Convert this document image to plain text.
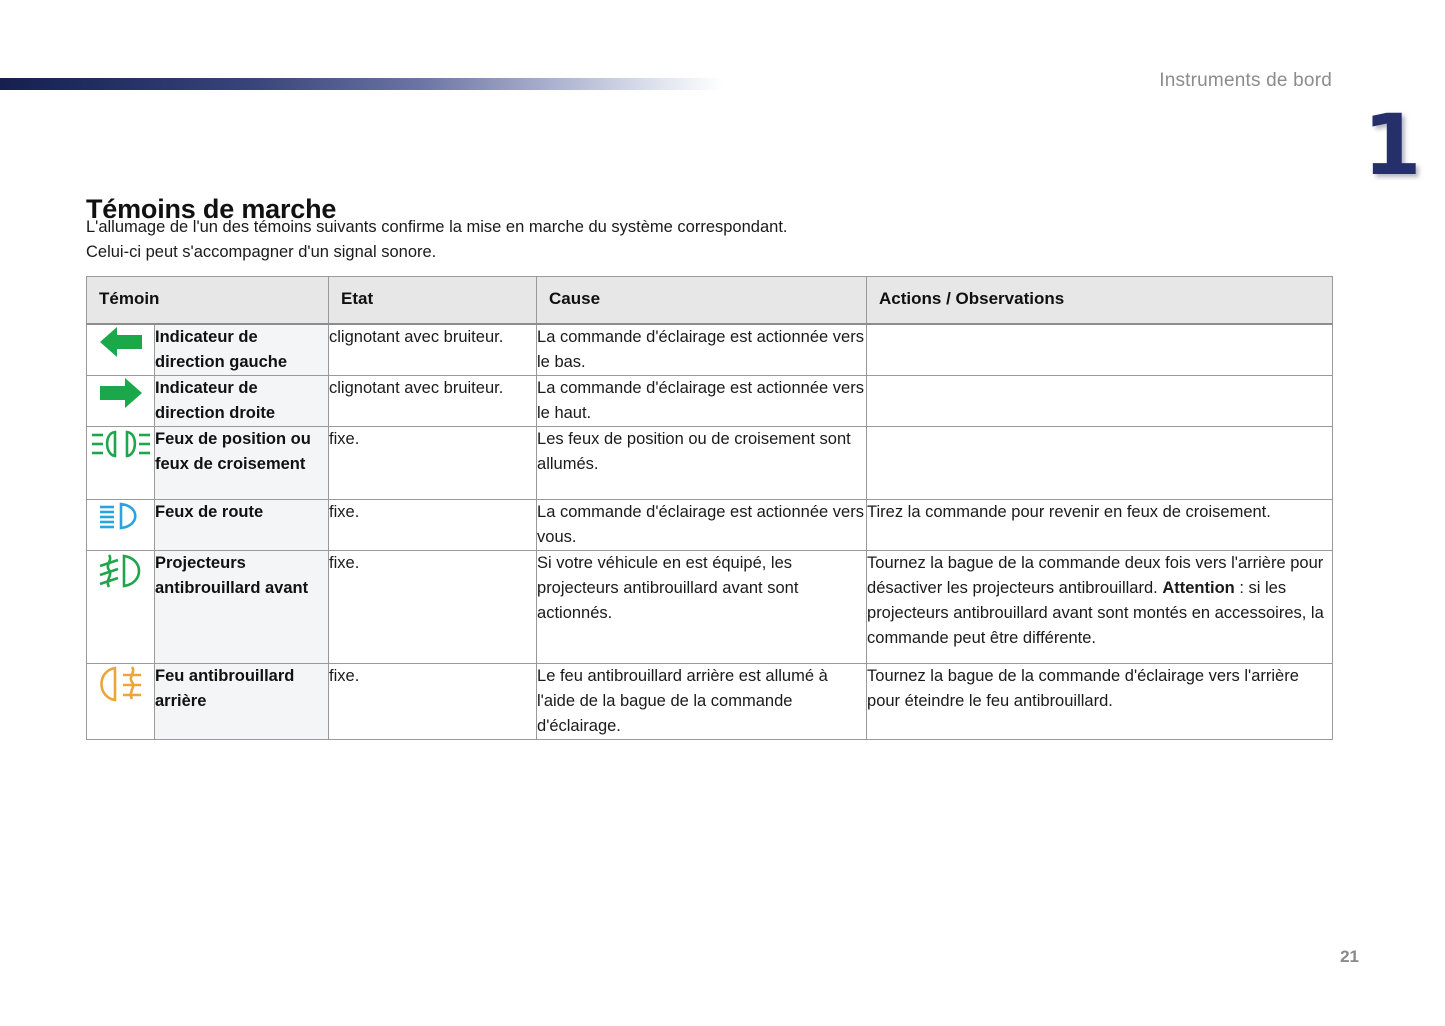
Instruments de bord
1
Témoins de marche

L'allumage de l'un des témoins suivants confirme la mise en marche du système correspondant.

Celui-ci peut s'accompagner d'un signal sonore.

Témoin		Etat	Cause	Actions / Observations

	Indicateur de direction gauche	clignotant avec bruiteur.	La commande d'éclairage est actionnée vers le bas.	

	Indicateur de direction droite	clignotant avec bruiteur.	La commande d'éclairage est actionnée vers le haut.	

	Feux de position ou feux de croisement	fixe.	Les feux de position ou de croisement sont allumés.	

	Feux de route	fixe.	La commande d'éclairage est actionnée vers vous.	Tirez la commande pour revenir en feux de croisement.

	Projecteurs antibrouillard avant	fixe.	Si votre véhicule en est équipé, les projecteurs antibrouillard avant sont actionnés.	Tournez la bague de la commande deux fois vers l'arrière pour désactiver les projecteurs antibrouillard. Attention : si les projecteurs antibrouillard avant sont montés en accessoires, la commande peut être différente.

	Feu antibrouillard arrière	fixe.	Le feu antibrouillard arrière est allumé à l'aide de la bague de la commande d'éclairage.	Tournez la bague de la commande d'éclairage vers l'arrière pour éteindre le feu antibrouillard.
21
